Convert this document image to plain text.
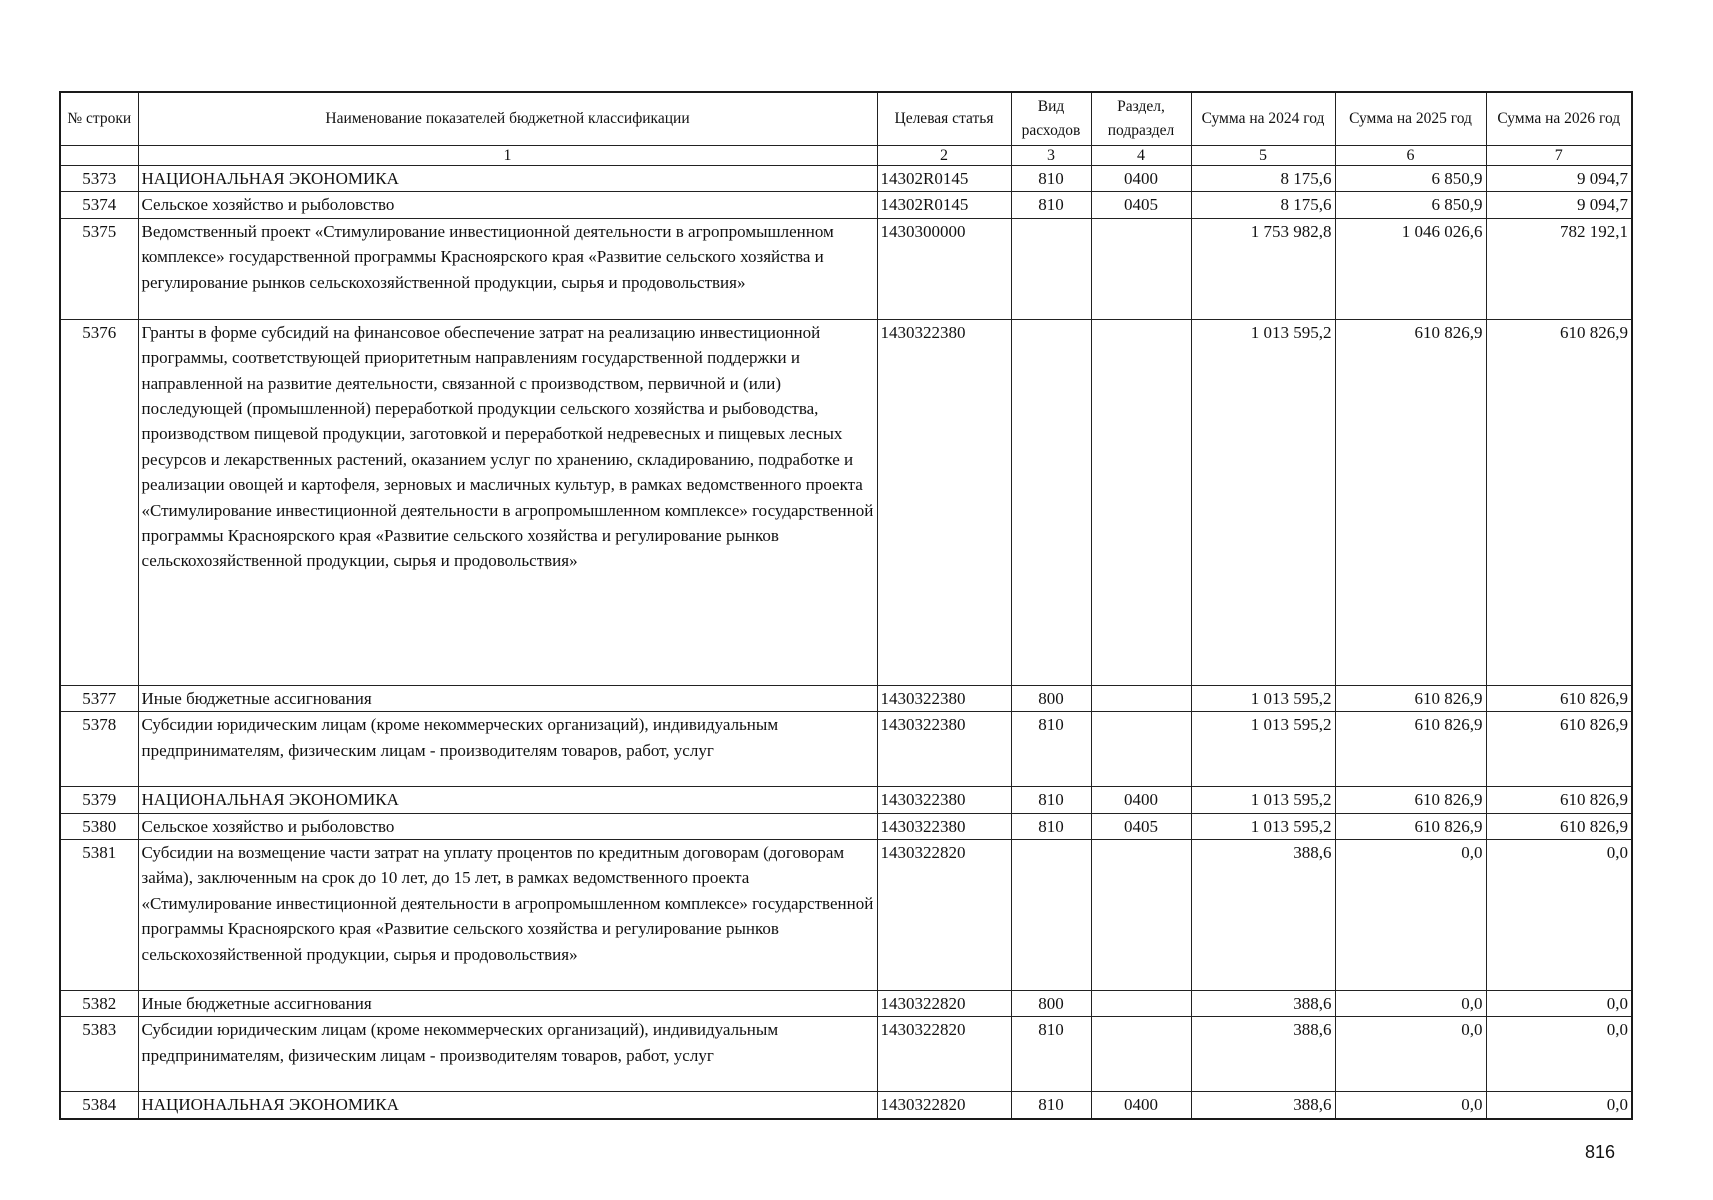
№ строки	Наименование показателей бюджетной классификации	Целевая статья	Вид расходов	Раздел, подраздел	Сумма на 2024 год	Сумма на 2025 год	Сумма на 2026 год
	1	2	3	4	5	6	7
5373	НАЦИОНАЛЬНАЯ ЭКОНОМИКА	14302R0145	810	0400	8 175,6	6 850,9	9 094,7
5374	Сельское хозяйство и рыболовство	14302R0145	810	0405	8 175,6	6 850,9	9 094,7
5375	Ведомственный проект «Стимулирование инвестиционной деятельности в агропромышленном комплексе» государственной программы Красноярского края «Развитие сельского хозяйства и регулирование рынков сельскохозяйственной продукции, сырья и продовольствия»	1430300000			1 753 982,8	1 046 026,6	782 192,1
5376	Гранты в форме субсидий на финансовое обеспечение затрат на реализацию инвестиционной программы, соответствующей приоритетным направлениям государственной поддержки и направленной на развитие деятельности, связанной с производством, первичной и (или) последующей (промышленной) переработкой продукции сельского хозяйства и рыбоводства, производством пищевой продукции, заготовкой и переработкой недревесных и пищевых лесных ресурсов и лекарственных растений, оказанием услуг по хранению, складированию, подработке и реализации овощей и картофеля, зерновых и масличных культур, в рамках ведомственного проекта «Стимулирование инвестиционной деятельности в агропромышленном комплексе» государственной программы Красноярского края «Развитие сельского хозяйства и регулирование рынков сельскохозяйственной продукции, сырья и продовольствия»	1430322380			1 013 595,2	610 826,9	610 826,9
5377	Иные бюджетные ассигнования	1430322380	800		1 013 595,2	610 826,9	610 826,9
5378	Субсидии юридическим лицам (кроме некоммерческих организаций), индивидуальным предпринимателям, физическим лицам - производителям товаров, работ, услуг	1430322380	810		1 013 595,2	610 826,9	610 826,9
5379	НАЦИОНАЛЬНАЯ ЭКОНОМИКА	1430322380	810	0400	1 013 595,2	610 826,9	610 826,9
5380	Сельское хозяйство и рыболовство	1430322380	810	0405	1 013 595,2	610 826,9	610 826,9
5381	Субсидии на возмещение части затрат на уплату процентов по кредитным договорам (договорам займа), заключенным на срок до 10 лет, до 15 лет, в рамках ведомственного проекта «Стимулирование инвестиционной деятельности в агропромышленном комплексе» государственной программы Красноярского края «Развитие сельского хозяйства и регулирование рынков сельскохозяйственной продукции, сырья и продовольствия»	1430322820			388,6	0,0	0,0
5382	Иные бюджетные ассигнования	1430322820	800		388,6	0,0	0,0
5383	Субсидии юридическим лицам (кроме некоммерческих организаций), индивидуальным предпринимателям, физическим лицам - производителям товаров, работ, услуг	1430322820	810		388,6	0,0	0,0
5384	НАЦИОНАЛЬНАЯ ЭКОНОМИКА	1430322820	810	0400	388,6	0,0	0,0
816
